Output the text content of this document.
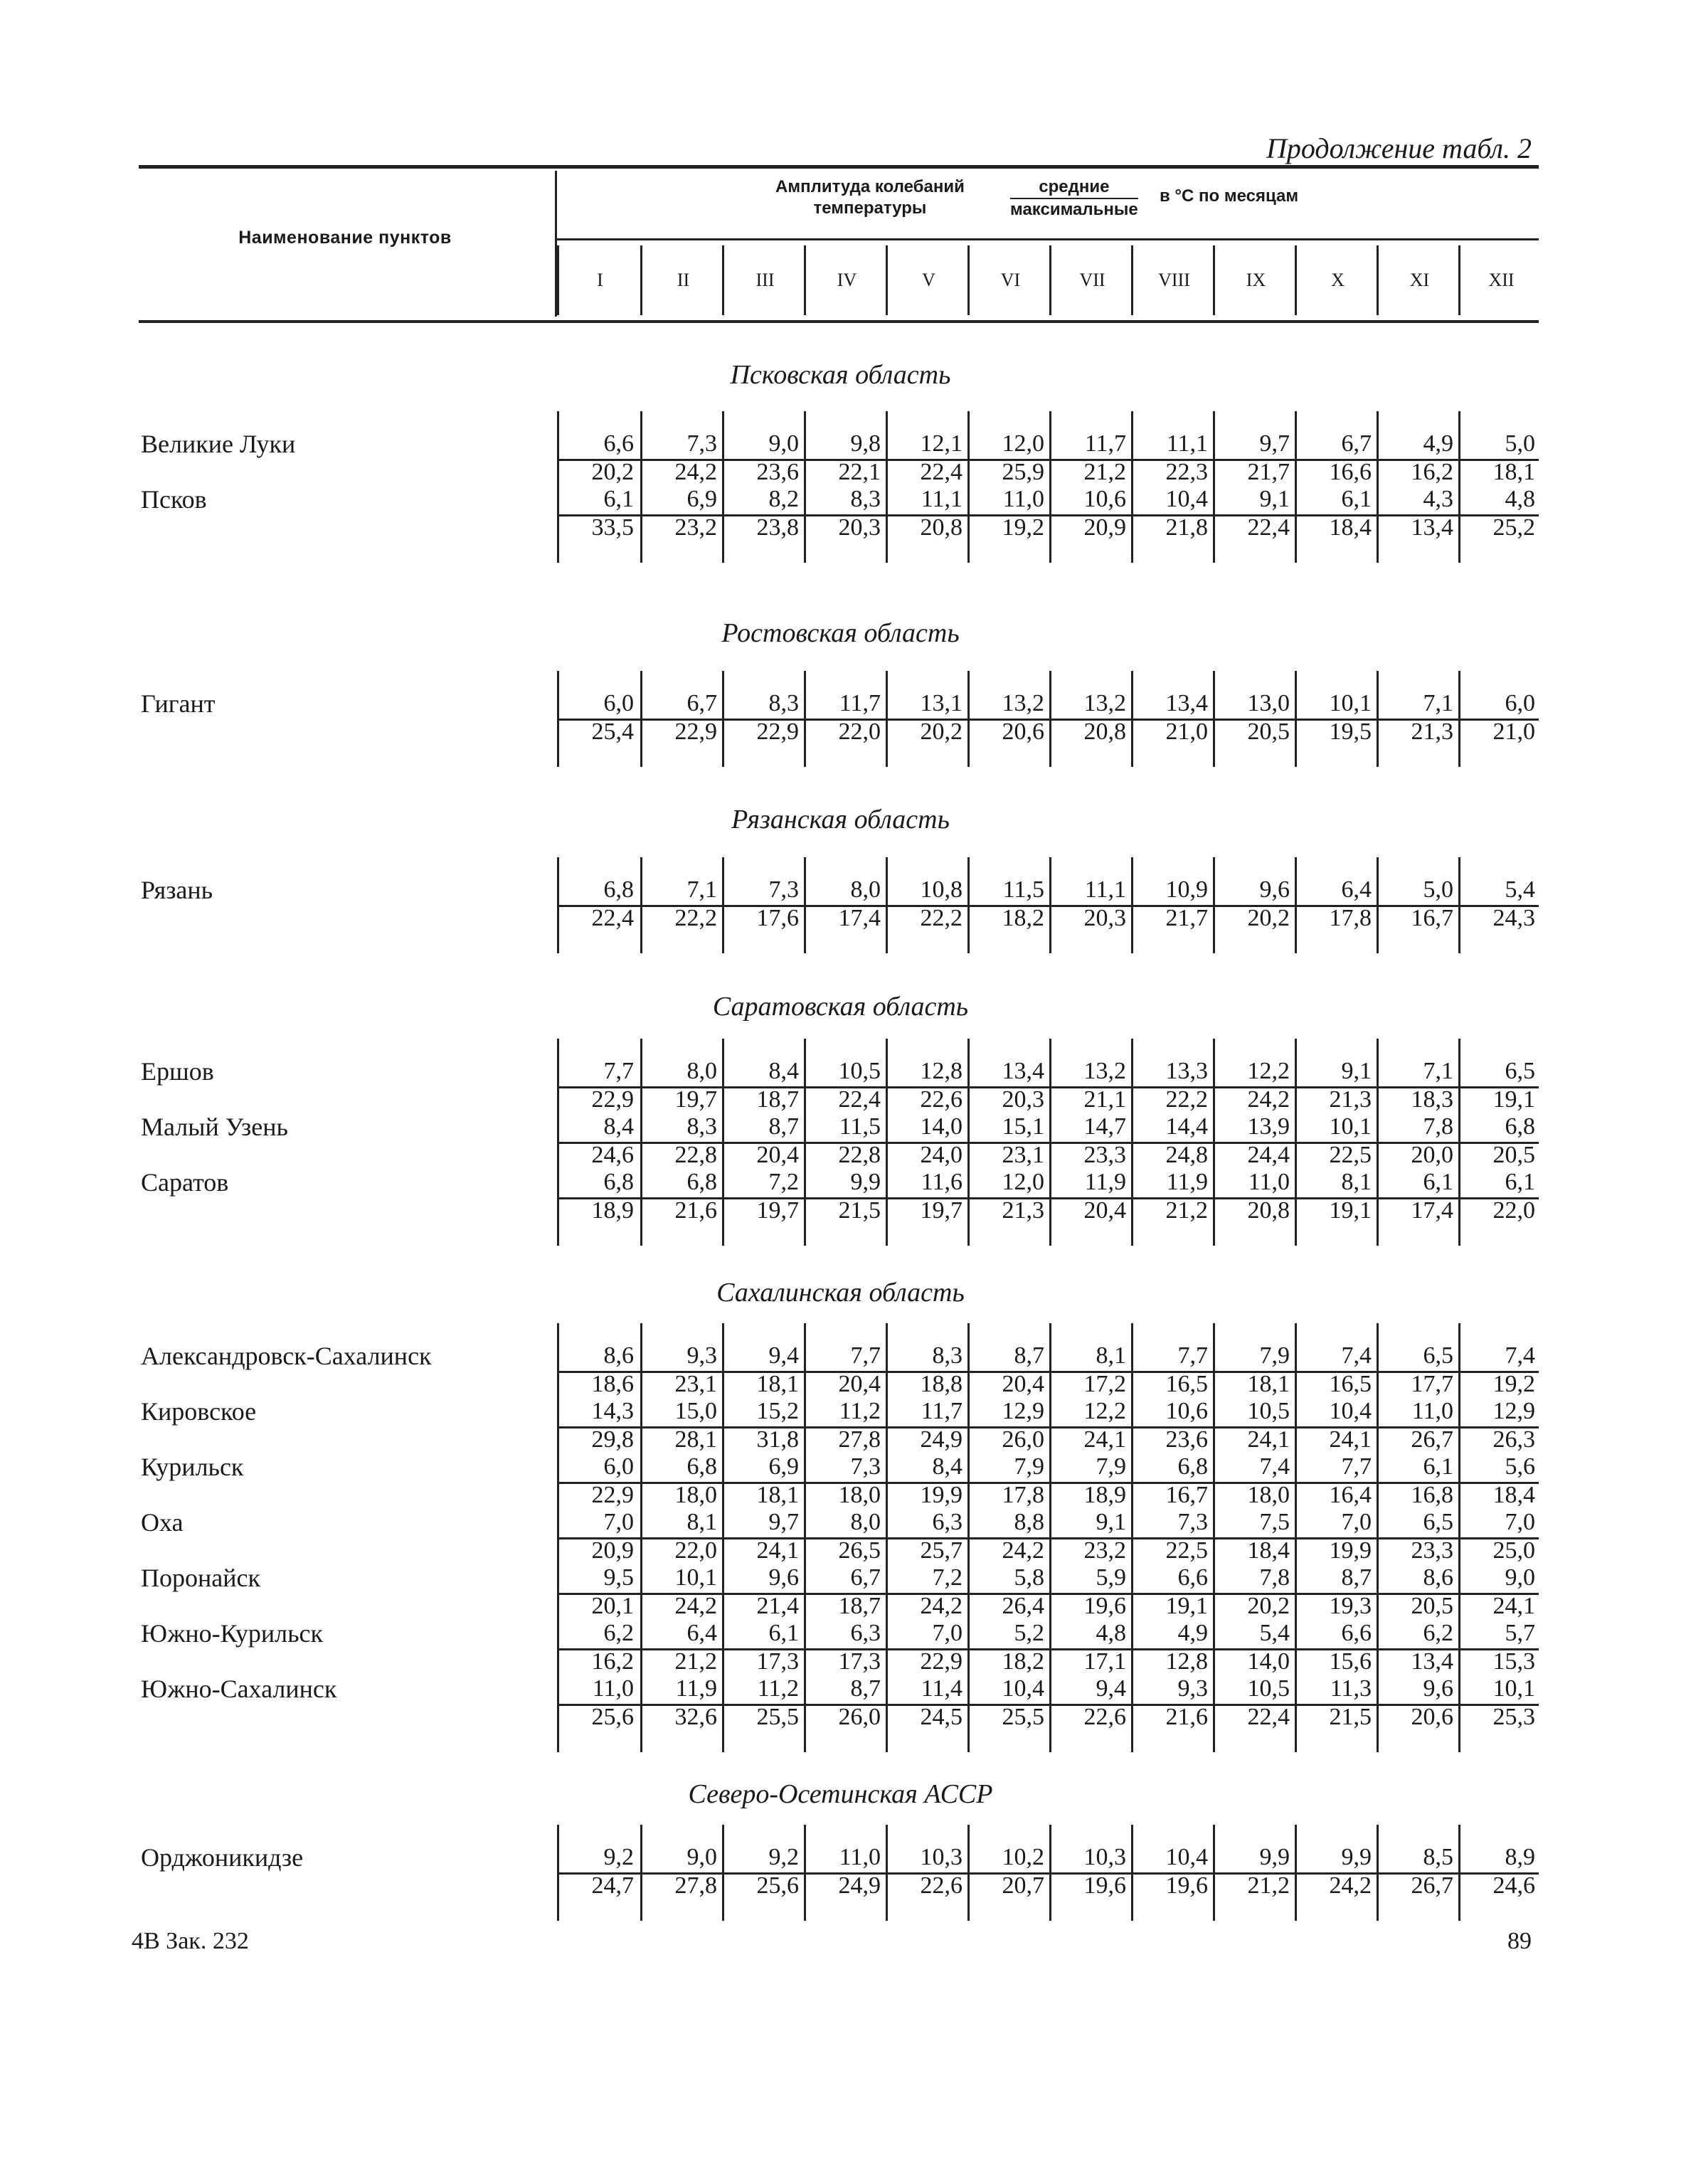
Продолжение табл. 2
Наименование пунктов
Амплитуда колебаний
температуры
средние
максимальные
в °С по месяцам
I	II	III	IV	V	VI	VII	VIII	IX	X	XI	XII
Псковская область
Великие Луки	6,6	7,3	9,0	9,8	12,1	12,0	11,7	11,1	9,7	6,7	4,9	5,0
20,2	24,2	23,6	22,1	22,4	25,9	21,2	22,3	21,7	16,6	16,2	18,1
Псков	6,1	6,9	8,2	8,3	11,1	11,0	10,6	10,4	9,1	6,1	4,3	4,8
33,5	23,2	23,8	20,3	20,8	19,2	20,9	21,8	22,4	18,4	13,4	25,2
Ростовская область
Гигант	6,0	6,7	8,3	11,7	13,1	13,2	13,2	13,4	13,0	10,1	7,1	6,0
25,4	22,9	22,9	22,0	20,2	20,6	20,8	21,0	20,5	19,5	21,3	21,0
Рязанская область
Рязань	6,8	7,1	7,3	8,0	10,8	11,5	11,1	10,9	9,6	6,4	5,0	5,4
22,4	22,2	17,6	17,4	22,2	18,2	20,3	21,7	20,2	17,8	16,7	24,3
Саратовская область
Ершов	7,7	8,0	8,4	10,5	12,8	13,4	13,2	13,3	12,2	9,1	7,1	6,5
22,9	19,7	18,7	22,4	22,6	20,3	21,1	22,2	24,2	21,3	18,3	19,1
Малый Узень	8,4	8,3	8,7	11,5	14,0	15,1	14,7	14,4	13,9	10,1	7,8	6,8
24,6	22,8	20,4	22,8	24,0	23,1	23,3	24,8	24,4	22,5	20,0	20,5
Саратов	6,8	6,8	7,2	9,9	11,6	12,0	11,9	11,9	11,0	8,1	6,1	6,1
18,9	21,6	19,7	21,5	19,7	21,3	20,4	21,2	20,8	19,1	17,4	22,0
Сахалинская область
Александровск-Сахалинск	8,6	9,3	9,4	7,7	8,3	8,7	8,1	7,7	7,9	7,4	6,5	7,4
18,6	23,1	18,1	20,4	18,8	20,4	17,2	16,5	18,1	16,5	17,7	19,2
Кировское	14,3	15,0	15,2	11,2	11,7	12,9	12,2	10,6	10,5	10,4	11,0	12,9
29,8	28,1	31,8	27,8	24,9	26,0	24,1	23,6	24,1	24,1	26,7	26,3
Курильск	6,0	6,8	6,9	7,3	8,4	7,9	7,9	6,8	7,4	7,7	6,1	5,6
22,9	18,0	18,1	18,0	19,9	17,8	18,9	16,7	18,0	16,4	16,8	18,4
Оха	7,0	8,1	9,7	8,0	6,3	8,8	9,1	7,3	7,5	7,0	6,5	7,0
20,9	22,0	24,1	26,5	25,7	24,2	23,2	22,5	18,4	19,9	23,3	25,0
Поронайск	9,5	10,1	9,6	6,7	7,2	5,8	5,9	6,6	7,8	8,7	8,6	9,0
20,1	24,2	21,4	18,7	24,2	26,4	19,6	19,1	20,2	19,3	20,5	24,1
Южно-Курильск	6,2	6,4	6,1	6,3	7,0	5,2	4,8	4,9	5,4	6,6	6,2	5,7
16,2	21,2	17,3	17,3	22,9	18,2	17,1	12,8	14,0	15,6	13,4	15,3
Южно-Сахалинск	11,0	11,9	11,2	8,7	11,4	10,4	9,4	9,3	10,5	11,3	9,6	10,1
25,6	32,6	25,5	26,0	24,5	25,5	22,6	21,6	22,4	21,5	20,6	25,3
Северо-Осетинская АССР
Орджоникидзе	9,2	9,0	9,2	11,0	10,3	10,2	10,3	10,4	9,9	9,9	8,5	8,9
24,7	27,8	25,6	24,9	22,6	20,7	19,6	19,6	21,2	24,2	26,7	24,6
4В Зак. 232	89
